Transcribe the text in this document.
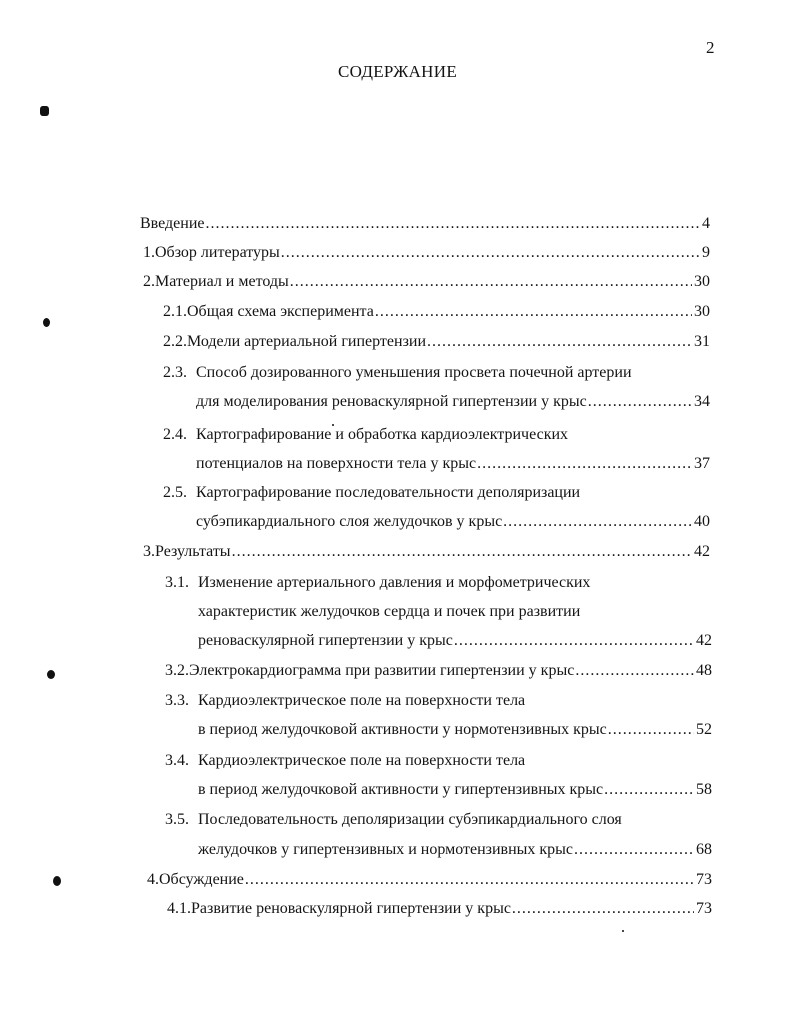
2
СОДЕРЖАНИЕ
Введение .....	4
1. Обзор литературы .....	9
2. Материал и методы .....	30
2.1. Общая схема эксперимента .....	30
2.2. Модели артериальной гипертензии .....	31
2.3. Способ дозированного уменьшения просвета почечной артерии
для моделирования реноваскулярной гипертензии у крыс .....	34
2.4. Картографирование и обработка кардиоэлектрических
потенциалов на поверхности тела у крыс .....	37
2.5. Картографирование последовательности деполяризации
субэпикардиального слоя желудочков у крыс .....	40
3. Результаты .....	42
3.1. Изменение артериального давления и морфометрических
характеристик желудочков сердца и почек при развитии
реноваскулярной гипертензии у крыс .....	42
3.2. Электрокардиограмма при развитии гипертензии у крыс .....	48
3.3. Кардиоэлектрическое поле на поверхности тела
в период желудочковой активности у нормотензивных крыс .....	52
3.4. Кардиоэлектрическое поле на поверхности тела
в период желудочковой активности у гипертензивных крыс .....	58
3.5. Последовательность деполяризации субэпикардиального слоя
желудочков у гипертензивных и нормотензивных крыс .....	68
4. Обсуждение .....	73
4.1. Развитие реноваскулярной гипертензии у крыс .....	73
